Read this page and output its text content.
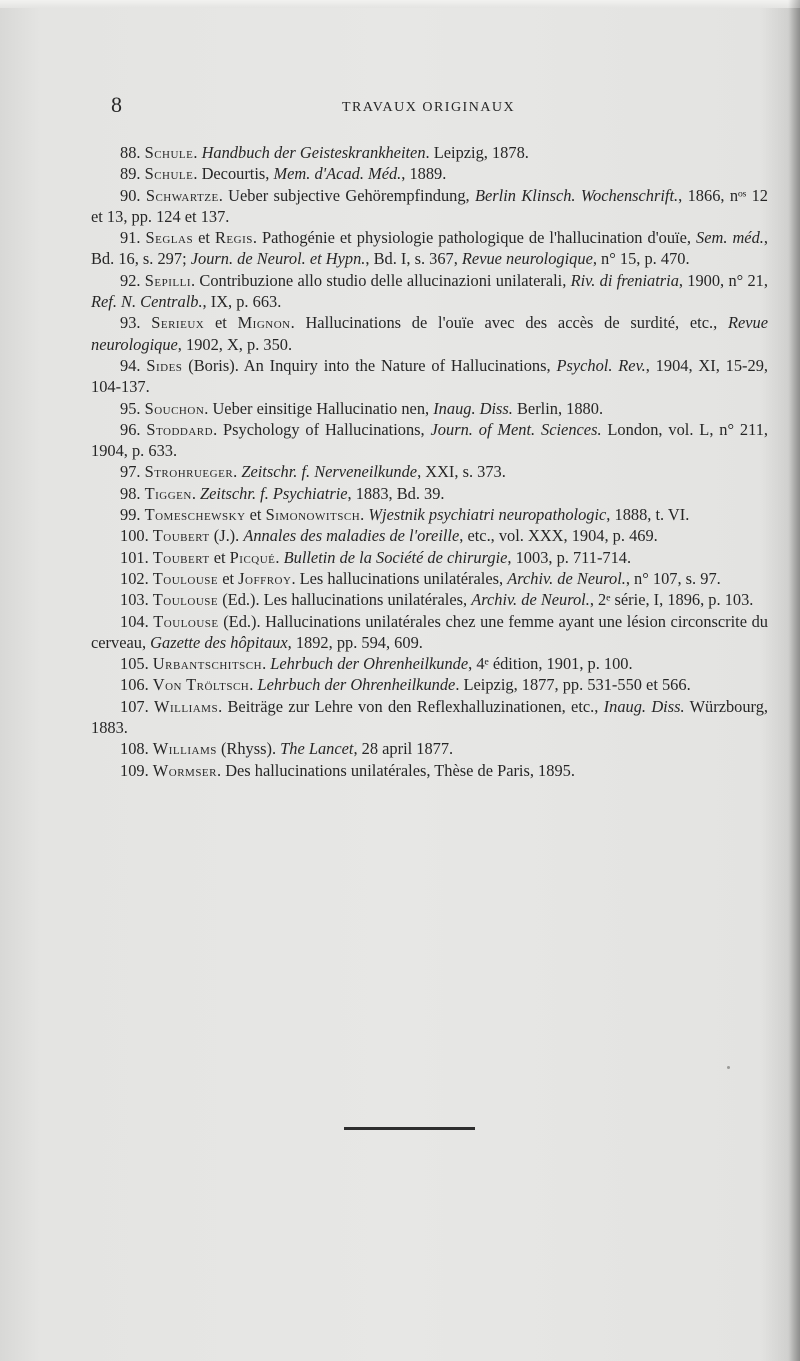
8	TRAVAUX ORIGINAUX
88. Schule. Handbuch der Geisteskrankheiten. Leipzig, 1878.
89. Schule. Decourtis, Mem. d'Acad. Méd., 1889.
90. Schwartze. Ueber subjective Gehörempfindung, Berlin Klinsch. Wochenschrift., 1866, nᵒˢ 12 et 13, pp. 124 et 137.
91. Seglas et Regis. Pathogénie et physiologie pathologique de l'hallucination d'ouïe, Sem. méd., Bd. 16, s. 297; Journ. de Neurol. et Hypn., Bd. I, s. 367, Revue neurologique, n° 15, p. 470.
92. Sepilli. Contribuzione allo studio delle allucinazioni unilaterali, Riv. di freniatria, 1900, n° 21, Ref. N. Centralb., IX, p. 663.
93. Serieux et Mignon. Hallucinations de l'ouïe avec des accès de surdité, etc., Revue neurologique, 1902, X, p. 350.
94. Sides (Boris). An Inquiry into the Nature of Hallucinations, Psychol. Rev., 1904, XI, 15-29, 104-137.
95. Souchon. Ueber einsitige Hallucinatio nen, Inaug. Diss. Berlin, 1880.
96. Stoddard. Psychology of Hallucinations, Journ. of Ment. Sciences. London, vol. L, n° 211, 1904, p. 633.
97. Strohrueger. Zeitschr. f. Nerveneilkunde, XXI, s. 373.
98. Tiggen. Zeitschr. f. Psychiatrie, 1883, Bd. 39.
99. Tomeschewsky et Simonowitsch. Wjestnik psychiatri neuropathologic, 1888, t. VI.
100. Toubert (J.). Annales des maladies de l'oreille, etc., vol. XXX, 1904, p. 469.
101. Toubert et Picqué. Bulletin de la Société de chirurgie, 1003, p. 711-714.
102. Toulouse et Joffroy. Les hallucinations unilatérales, Archiv. de Neurol., n° 107, s. 97.
103. Toulouse (Ed.). Les hallucinations unilatérales, Archiv. de Neurol., 2ᵉ série, I, 1896, p. 103.
104. Toulouse (Ed.). Hallucinations unilatérales chez une femme ayant une lésion circonscrite du cerveau, Gazette des hôpitaux, 1892, pp. 594, 609.
105. Urbantschitsch. Lehrbuch der Ohrenheilkunde, 4ᵉ édition, 1901, p. 100.
106. Von Tröltsch. Lehrbuch der Ohrenheilkunde. Leipzig, 1877, pp. 531-550 et 566.
107. Williams. Beiträge zur Lehre von den Reflexhalluzinationen, etc., Inaug. Diss. Würzbourg, 1883.
108. Williams (Rhyss). The Lancet, 28 april 1877.
109. Wormser. Des hallucinations unilatérales, Thèse de Paris, 1895.
